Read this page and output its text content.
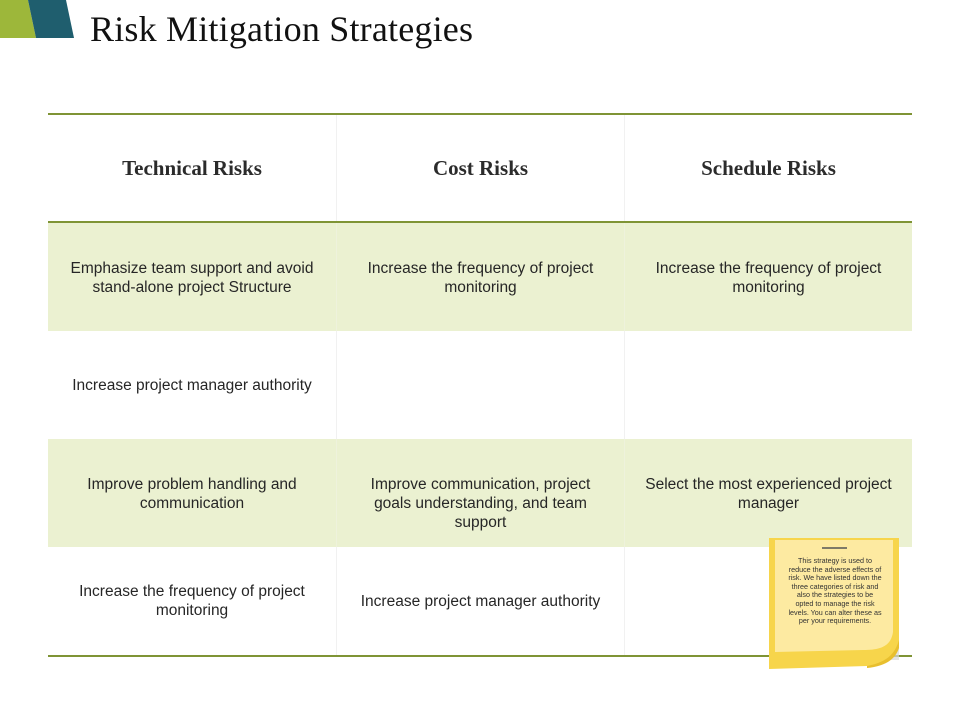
Risk Mitigation Strategies
Technical Risks	Cost Risks	Schedule Risks
Emphasize team support and avoid stand-alone project Structure
Increase the frequency of project monitoring
Increase the frequency of project monitoring
Increase project manager authority
Improve problem handling and communication
Improve communication, project goals understanding, and team support
Select the most experienced project manager
Increase the frequency of project monitoring
Increase project manager authority

This strategy is used to reduce the adverse effects of risk. We have listed down the three categories of risk and also the strategies to be opted to manage the risk levels. You can alter these as per your requirements.
